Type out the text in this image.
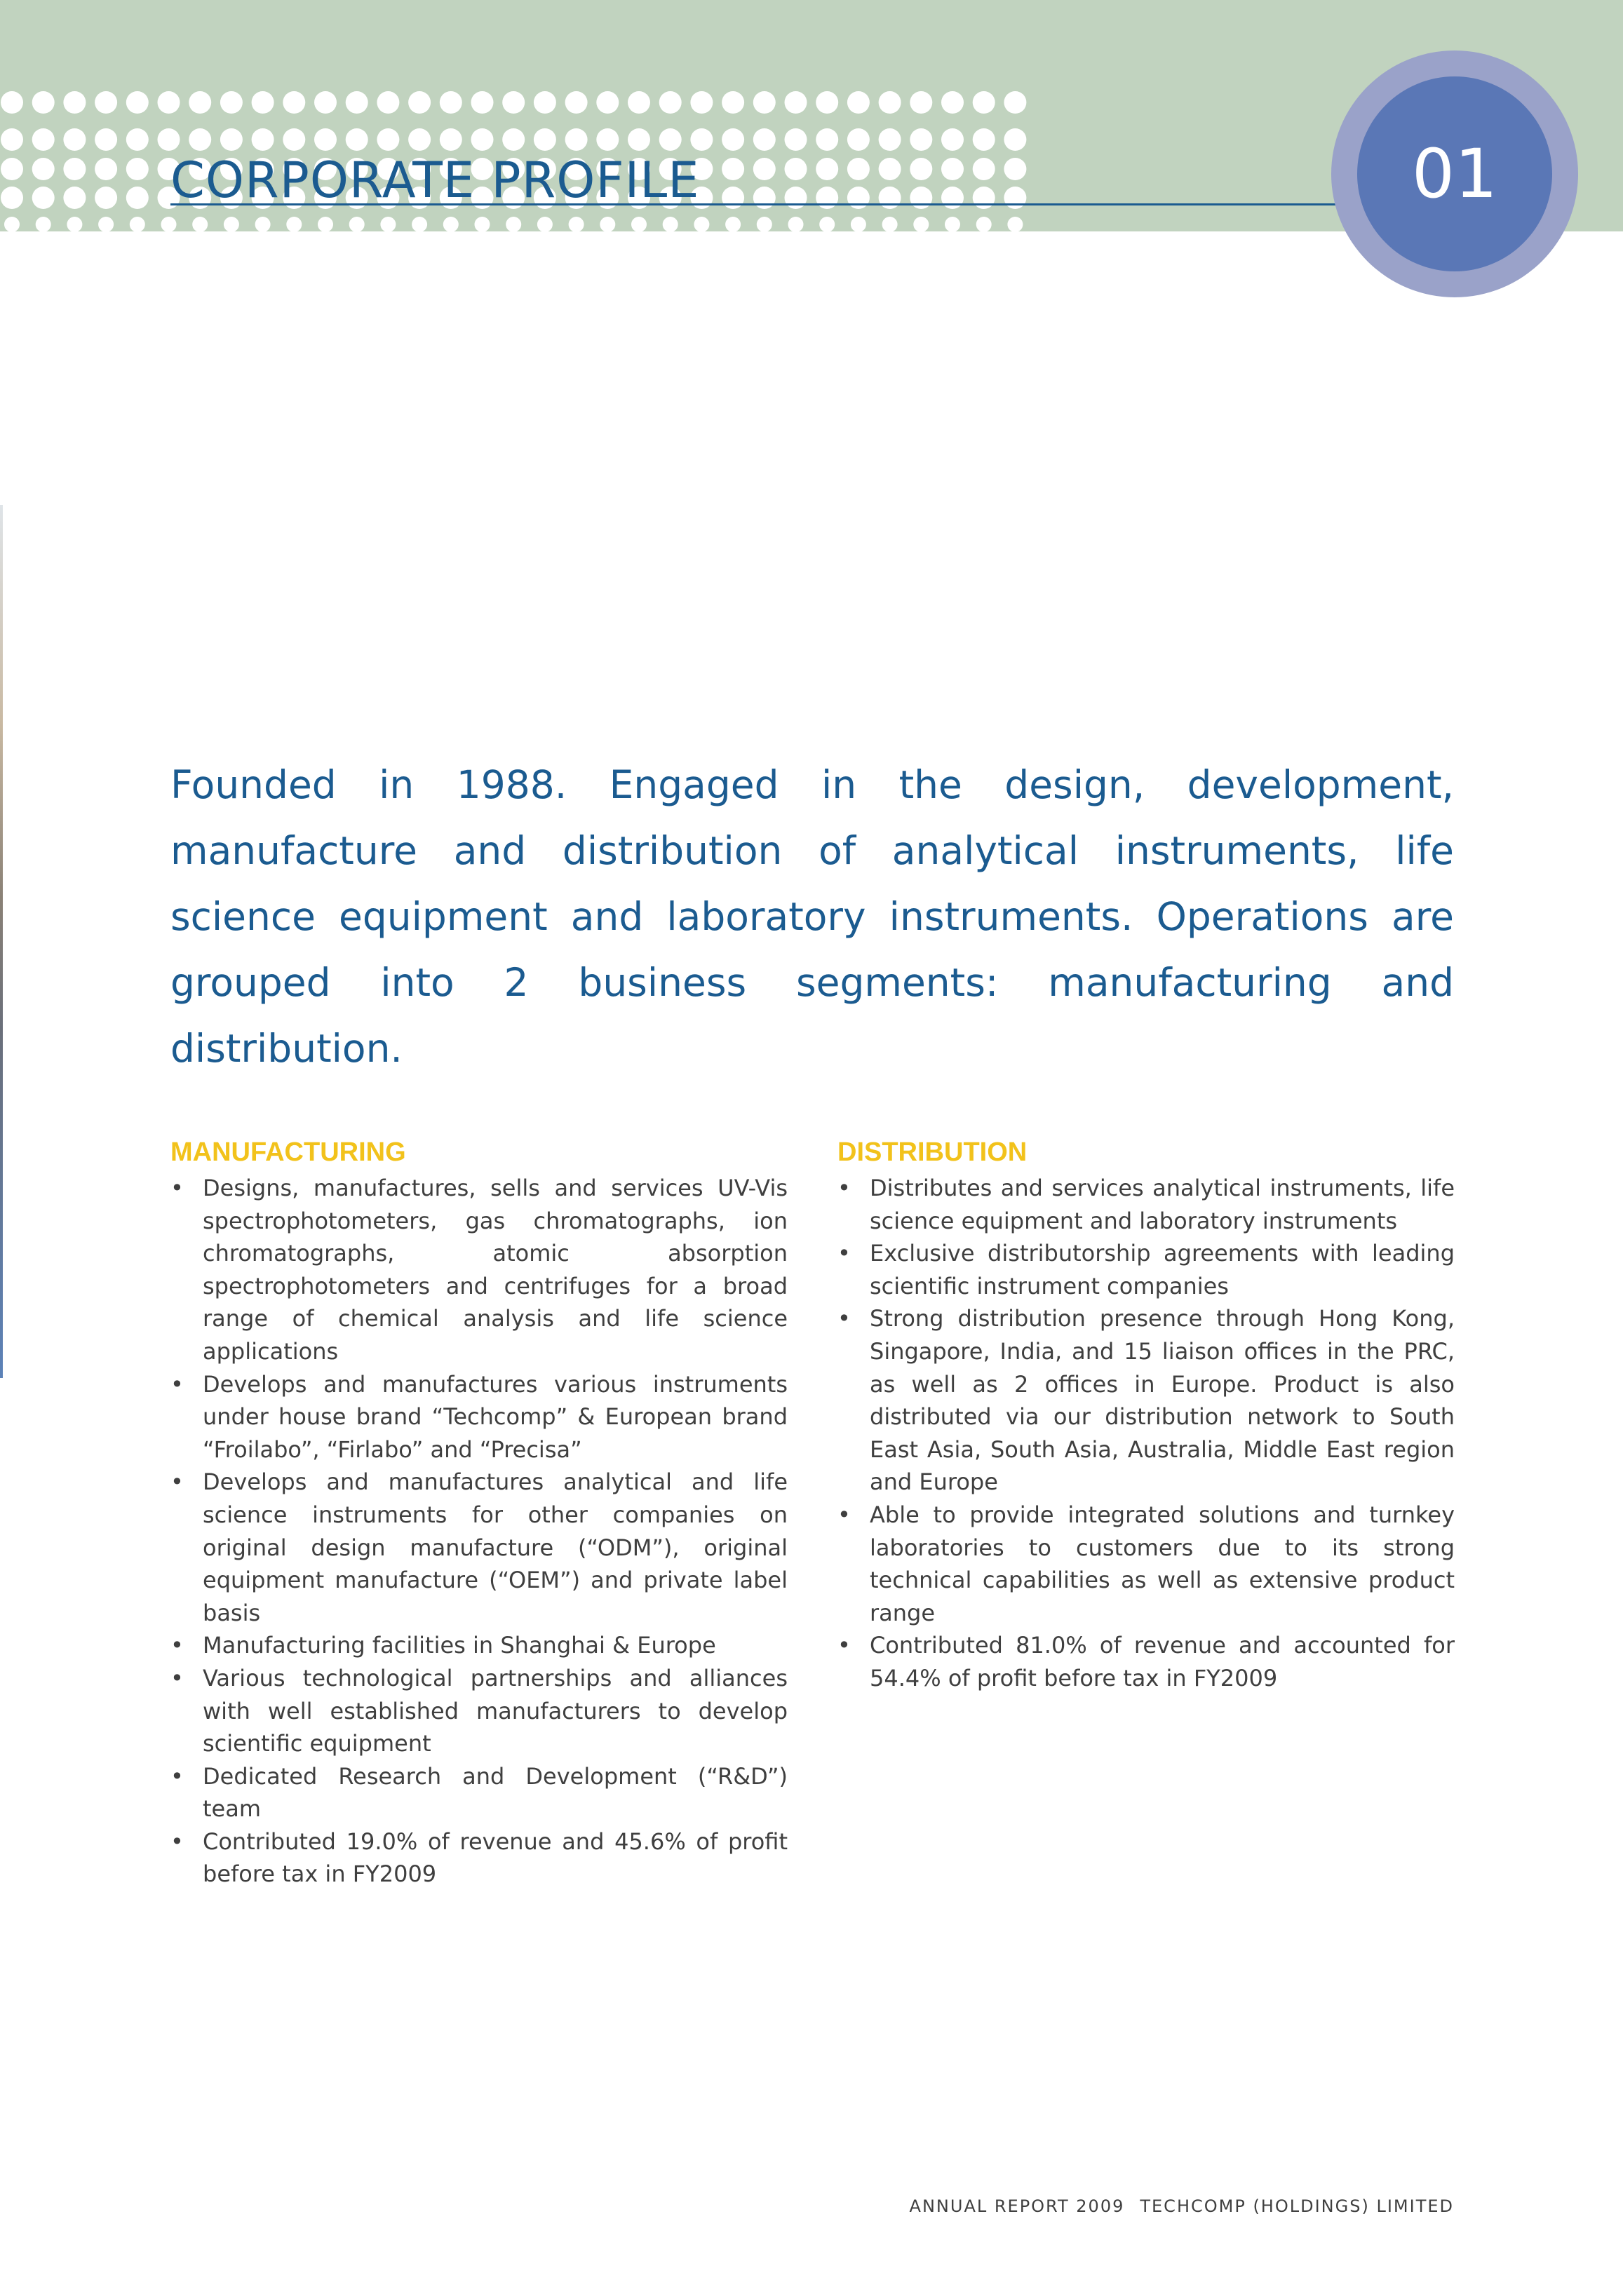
CORPORATE PROFILE	01

Founded in 1988. Engaged in the design, development, manufacture and distribution of analytical instruments, life science equipment and laboratory instruments. Operations are grouped into 2 business segments: manufacturing and distribution.

MANUFACTURING
• Designs, manufactures, sells and services UV-Vis spectrophotometers, gas chromatographs, ion chromatographs, atomic absorption spectrophotometers and centrifuges for a broad range of chemical analysis and life science applications
• Develops and manufactures various instruments under house brand “Techcomp” & European brand “Froilabo”, “Firlabo” and “Precisa”
• Develops and manufactures analytical and life science instruments for other companies on original design manufacture (“ODM”), original equipment manufacture (“OEM”) and private label basis
• Manufacturing facilities in Shanghai & Europe
• Various technological partnerships and alliances with well established manufacturers to develop scientific equipment
• Dedicated Research and Development (“R&D”) team
• Contributed 19.0% of revenue and 45.6% of profit before tax in FY2009
DISTRIBUTION
• Distributes and services analytical instruments, life science equipment and laboratory instruments
• Exclusive distributorship agreements with leading scientific instrument companies
• Strong distribution presence through Hong Kong, Singapore, India, and 15 liaison offices in the PRC, as well as 2 offices in Europe. Product is also distributed via our distribution network to South East Asia, South Asia, Australia, Middle East region and Europe
• Able to provide integrated solutions and turnkey laboratories to customers due to its strong technical capabilities as well as extensive product range
• Contributed 81.0% of revenue and accounted for 54.4% of profit before tax in FY2009
ANNUAL REPORT 2009 TECHCOMP (HOLDINGS) LIMITED
